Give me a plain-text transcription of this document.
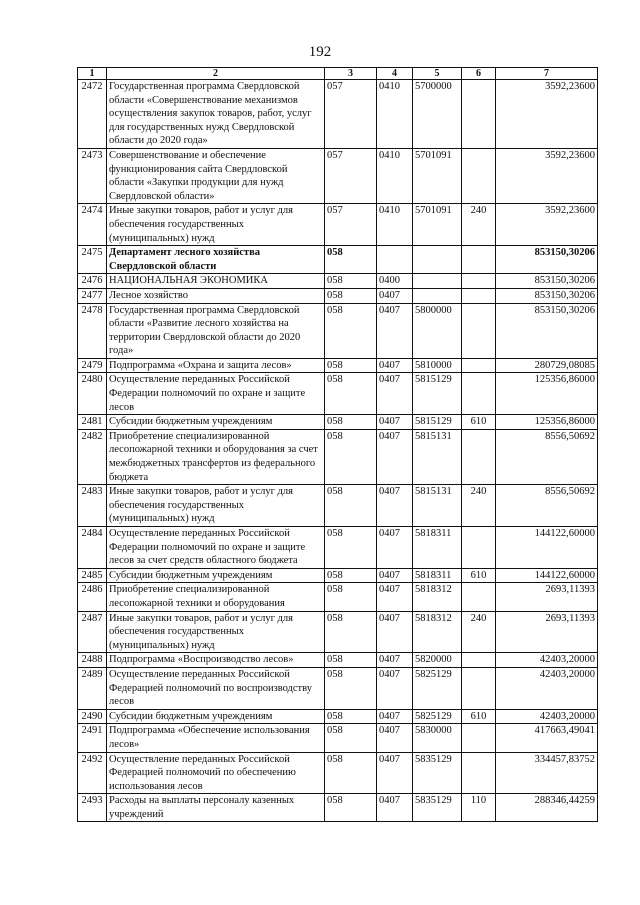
192
1	2	3	4	5	6	7
2472	Государственная программа Свердловской области «Совершенствование механизмов осуществления закупок товаров, работ, услуг для государственных нужд Свердловской области до 2020 года»	057	0410	5700000		3592,23600
2473	Совершенствование и обеспечение функционирования сайта Свердловской области «Закупки продукции для нужд Свердловской области»	057	0410	5701091		3592,23600
2474	Иные закупки товаров, работ и услуг для обеспечения государственных (муниципальных) нужд	057	0410	5701091	240	3592,23600
2475	Департамент лесного хозяйства Свердловской области	058				853150,30206
2476	НАЦИОНАЛЬНАЯ ЭКОНОМИКА	058	0400			853150,30206
2477	Лесное хозяйство	058	0407			853150,30206
2478	Государственная программа Свердловской области «Развитие лесного хозяйства на территории Свердловской области до 2020 года»	058	0407	5800000		853150,30206
2479	Подпрограмма «Охрана и защита лесов»	058	0407	5810000		280729,08085
2480	Осуществление переданных Российской Федерации полномочий по охране и защите лесов	058	0407	5815129		125356,86000
2481	Субсидии бюджетным учреждениям	058	0407	5815129	610	125356,86000
2482	Приобретение специализированной лесопожарной техники и оборудования за счет межбюджетных трансфертов из федерального бюджета	058	0407	5815131		8556,50692
2483	Иные закупки товаров, работ и услуг для обеспечения государственных (муниципальных) нужд	058	0407	5815131	240	8556,50692
2484	Осуществление переданных Российской Федерации полномочий по охране и защите лесов за счет средств областного бюджета	058	0407	5818311		144122,60000
2485	Субсидии бюджетным учреждениям	058	0407	5818311	610	144122,60000
2486	Приобретение специализированной лесопожарной техники и оборудования	058	0407	5818312		2693,11393
2487	Иные закупки товаров, работ и услуг для обеспечения государственных (муниципальных) нужд	058	0407	5818312	240	2693,11393
2488	Подпрограмма «Воспроизводство лесов»	058	0407	5820000		42403,20000
2489	Осуществление переданных Российской Федерацией полномочий по воспроизводству лесов	058	0407	5825129		42403,20000
2490	Субсидии бюджетным учреждениям	058	0407	5825129	610	42403,20000
2491	Подпрограмма «Обеспечение использования лесов»	058	0407	5830000		417663,49041
2492	Осуществление переданных Российской Федерацией полномочий по обеспечению использования лесов	058	0407	5835129		334457,83752
2493	Расходы на выплаты персоналу казенных учреждений	058	0407	5835129	110	288346,44259
